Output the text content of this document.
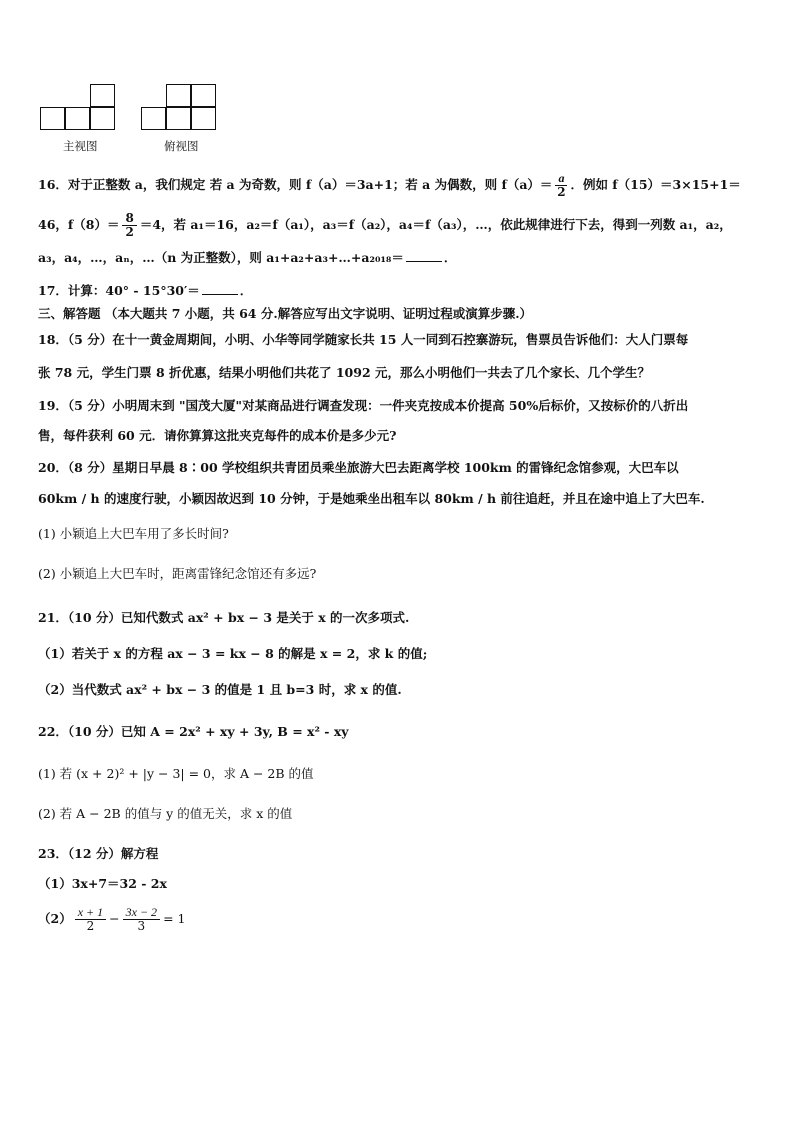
主视图	俯视图
16．对于正整数 a，我们规定 若 a 为奇数，则 f（a）＝3a+1；若 a 为偶数，则 $f(a)= \frac{a}{2}$ ．例如 f（15）＝3×15+1＝
46，$f(8)= \frac{8}{2} =4$，若 a₁＝16，a₂＝f（a₁），a₃＝f（a₂），a₄＝f（a₃），…，依此规律进行下去，得到一列数 a₁，a₂，
a₃，a₄，…，aₙ，…（n 为正整数），则 a₁+a₂+a₃+…+a₂₀₁₈＝	．
17．计算：40° - 15°30′＝	．
三、解答题 （本大题共 7 小题，共 64 分.解答应写出文字说明、证明过程或演算步骤.）
18．（5 分）在十一黄金周期间，小明、小华等同学随家长共 15 人一同到石控寨游玩，售票员告诉他们：大人门票每
张 78 元，学生门票 8 折优惠，结果小明他们共花了 1092 元，那么小明他们一共去了几个家长、几个学生？
19．（5 分）小明周末到 "国茂大厦"对某商品进行调查发现：一件夹克按成本价提高 50%后标价，又按标价的八折出
售，每件获利 60 元．请你算算这批夹克每件的成本价是多少元?
20．（8 分）星期日早晨 8∶00 学校组织共青团员乘坐旅游大巴去距离学校 100km 的雷锋纪念馆参观，大巴车以
60km / h 的速度行驶，小颖因故迟到 10 分钟，于是她乘坐出租车以 80km / h 前往追赶，并且在途中追上了大巴车.
(1) 小颖追上大巴车用了多长时间?
(2) 小颖追上大巴车时，距离雷锋纪念馆还有多远?
21．（10 分）已知代数式 ax² + bx − 3 是关于 x 的一次多项式.
（1）若关于 x 的方程 ax − 3 = kx − 8 的解是 x = 2，求 k 的值;
（2）当代数式 ax² + bx − 3 的值是 1 且 b=3 时，求 x 的值.
22．（10 分）已知 A = 2x² + xy + 3y, B = x² - xy
(1) 若 (x + 2)² + |y − 3| = 0，求 A − 2B 的值
(2) 若 A − 2B 的值与 y 的值无关，求 x 的值
23．（12 分）解方程
（1）3x+7＝32 - 2x
$(2) \frac{x + 1}{2} - \frac{3x - 2}{3} = 1$
